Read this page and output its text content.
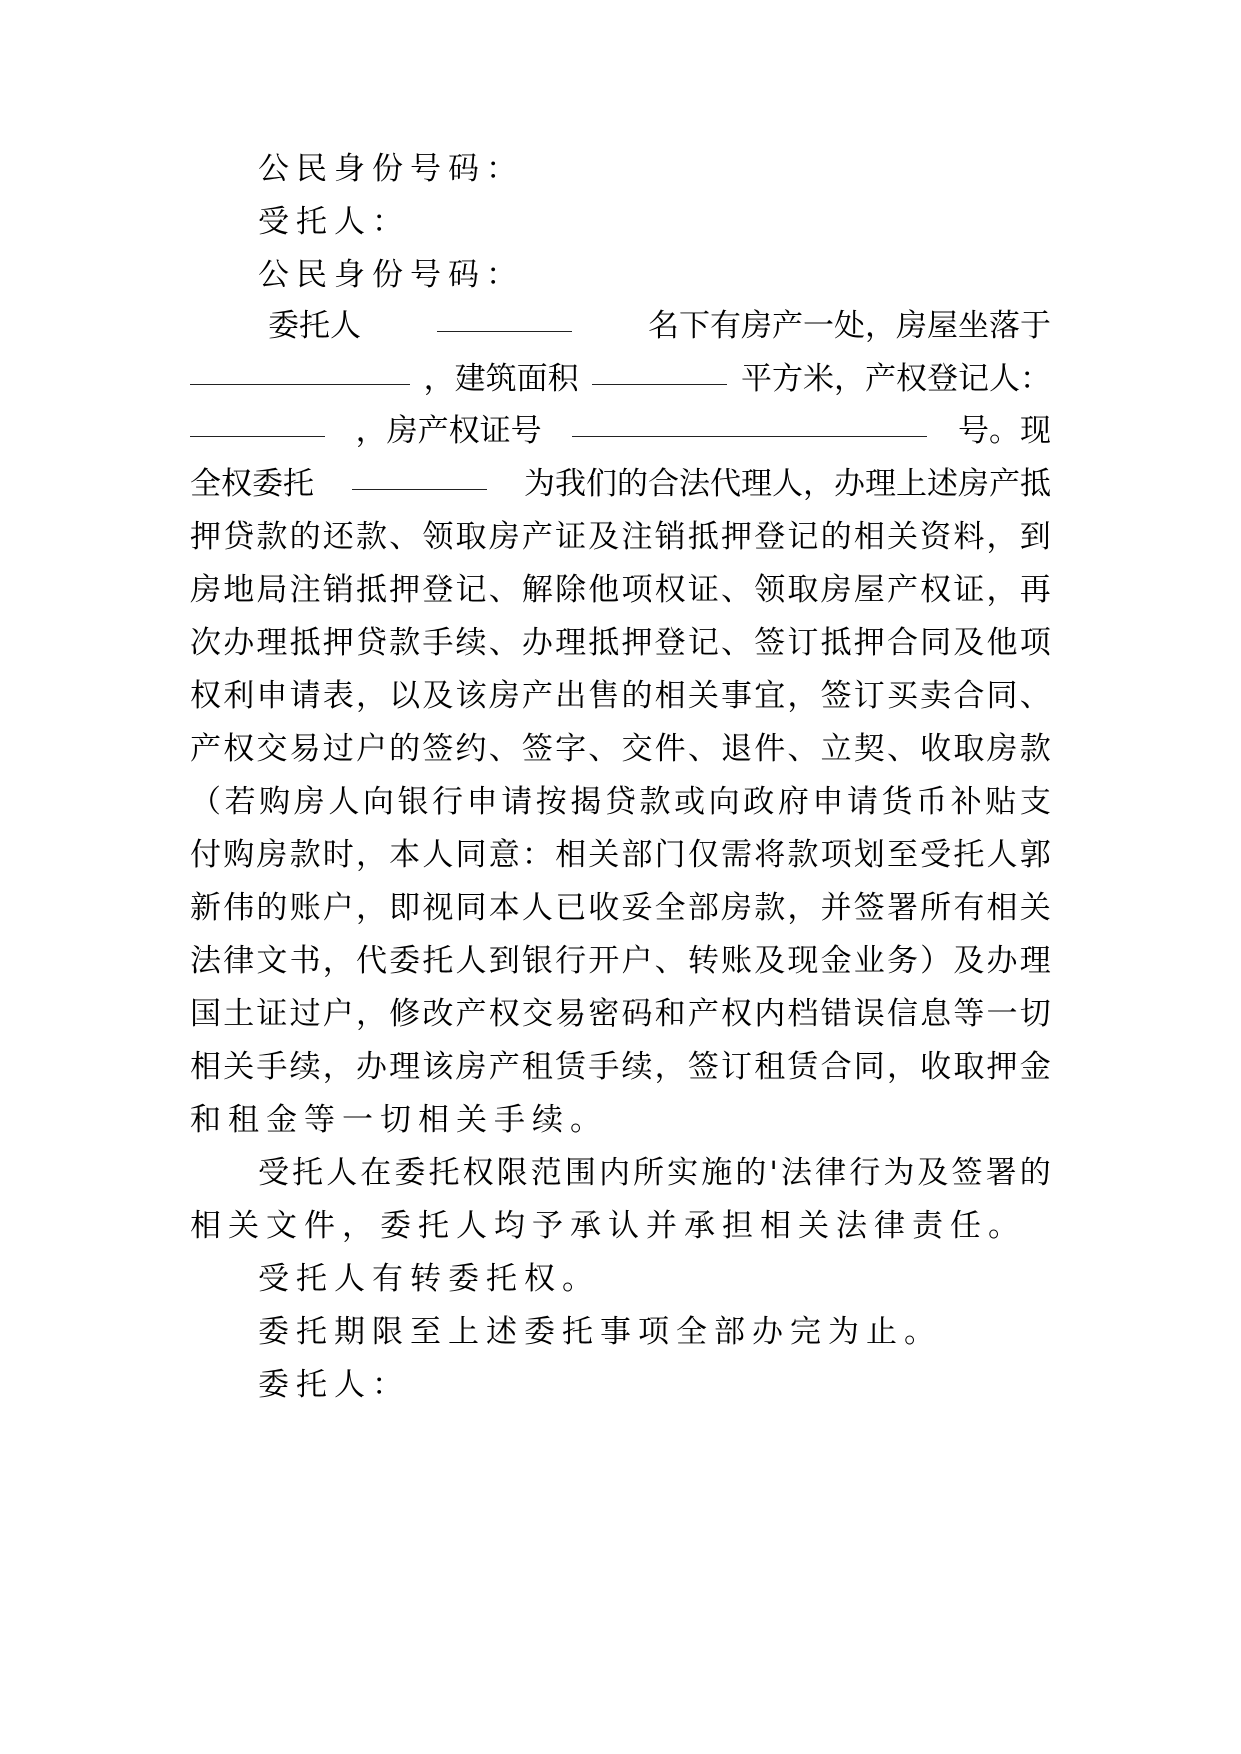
公民身份号码：
受托人：
公民身份号码：
委托人	名下有房产一处，房屋坐落于
，建筑面积	平方米，产权登记人：
，房产权证号	号。现
全权委托	为我们的合法代理人，办理上述房产抵
押 贷 款 的 还 款 、 领 取 房 产 证 及 注 销 抵 押 登 记 的 相 关 资 料 ， 到
房 地 局 注 销 抵 押 登 记 、 解 除 他 项 权 证 、 领 取 房 屋 产 权 证 ， 再
次 办 理 抵 押 贷 款 手 续 、 办 理 抵 押 登 记 、 签 订 抵 押 合 同 及 他 项
权 利 申 请 表 ， 以 及 该 房 产 出 售 的 相 关 事 宜 ， 签 订 买 卖 合 同 、
产 权 交 易 过 户 的 签 约 、 签 字 、 交 件 、 退 件 、 立 契 、 收 取 房 款
（ 若 购 房 人 向 银 行 申 请 按 揭 贷 款 或 向 政 府 申 请 货 币 补 贴 支
付 购 房 款 时 ， 本 人 同 意 ： 相 关 部 门 仅 需 将 款 项 划 至 受 托 人 郭
新 伟 的 账 户 ， 即 视 同 本 人 已 收 妥 全 部 房 款 ， 并 签 署 所 有 相 关
法 律 文 书 ， 代 委 托 人 到 银 行 开 户 、 转 账 及 现 金 业 务 ） 及 办 理
国 土 证 过 户 ， 修 改 产 权 交 易 密 码 和 产 权 内 档 错 误 信 息 等 一 切
相 关 手 续 ， 办 理 该 房 产 租 赁 手 续 ， 签 订 租 赁 合 同 ， 收 取 押 金
和租金等一切相关手续。
受 托 人 在 委 托 权 限 范 围 内 所 实 施 的 ' 法 律 行 为 及 签 署 的
相关文件，委托人均予承认并承担相关法律责任。
受托人有转委托权。
委托期限至上述委托事项全部办完为止。
委托人：
